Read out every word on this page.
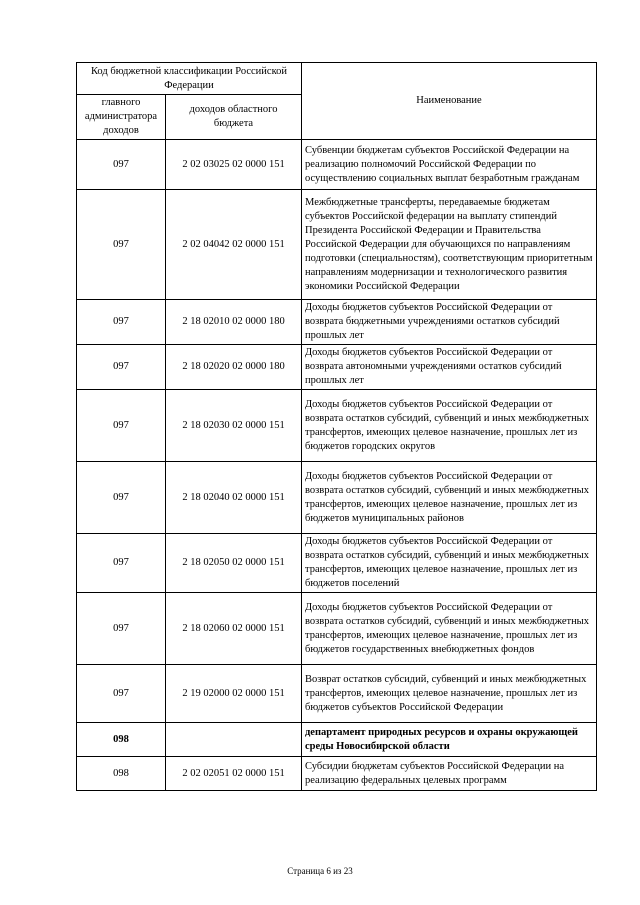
Код бюджетной классификации Российской Федерации		Наименование
главного администратора доходов	доходов областного бюджета	
097	2 02 03025 02 0000 151	Субвенции бюджетам субъектов Российской Федерации на реализацию полномочий Российской Федерации по осуществлению социальных выплат безработным гражданам
097	2 02 04042 02 0000 151	Межбюджетные трансферты, передаваемые бюджетам субъектов Российской федерации на выплату стипендий Президента Российской Федерации и Правительства Российской Федерации для обучающихся по направлениям подготовки (специальностям), соответствующим приоритетным направлениям модернизации и технологического развития экономики Российской Федерации
097	2 18 02010 02 0000 180	Доходы бюджетов субъектов Российской Федерации от возврата бюджетными учреждениями остатков субсидий прошлых лет
097	2 18 02020 02 0000 180	Доходы бюджетов субъектов Российской Федерации от возврата автономными учреждениями остатков субсидий прошлых лет
097	2 18 02030 02 0000 151	Доходы бюджетов субъектов Российской Федерации от возврата остатков субсидий, субвенций и иных межбюджетных трансфертов, имеющих целевое назначение, прошлых лет из бюджетов городских округов
097	2 18 02040 02 0000 151	Доходы бюджетов субъектов Российской Федерации от возврата остатков субсидий, субвенций и иных межбюджетных трансфертов, имеющих целевое назначение, прошлых лет из бюджетов муниципальных районов
097	2 18 02050 02 0000 151	Доходы бюджетов субъектов Российской Федерации от возврата остатков субсидий, субвенций и иных межбюджетных трансфертов, имеющих целевое назначение, прошлых лет из бюджетов поселений
097	2 18 02060 02 0000 151	Доходы бюджетов субъектов Российской Федерации от возврата остатков субсидий, субвенций и иных межбюджетных трансфертов, имеющих целевое назначение, прошлых лет из бюджетов государственных внебюджетных фондов
097	2 19 02000 02 0000 151	Возврат остатков субсидий, субвенций и иных межбюджетных трансфертов, имеющих целевое назначение, прошлых лет из бюджетов субъектов Российской Федерации
098		департамент природных ресурсов и охраны окружающей среды Новосибирской области
098	2 02 02051 02 0000 151	Субсидии бюджетам субъектов Российской Федерации на реализацию федеральных целевых программ
Страница 6 из 23
